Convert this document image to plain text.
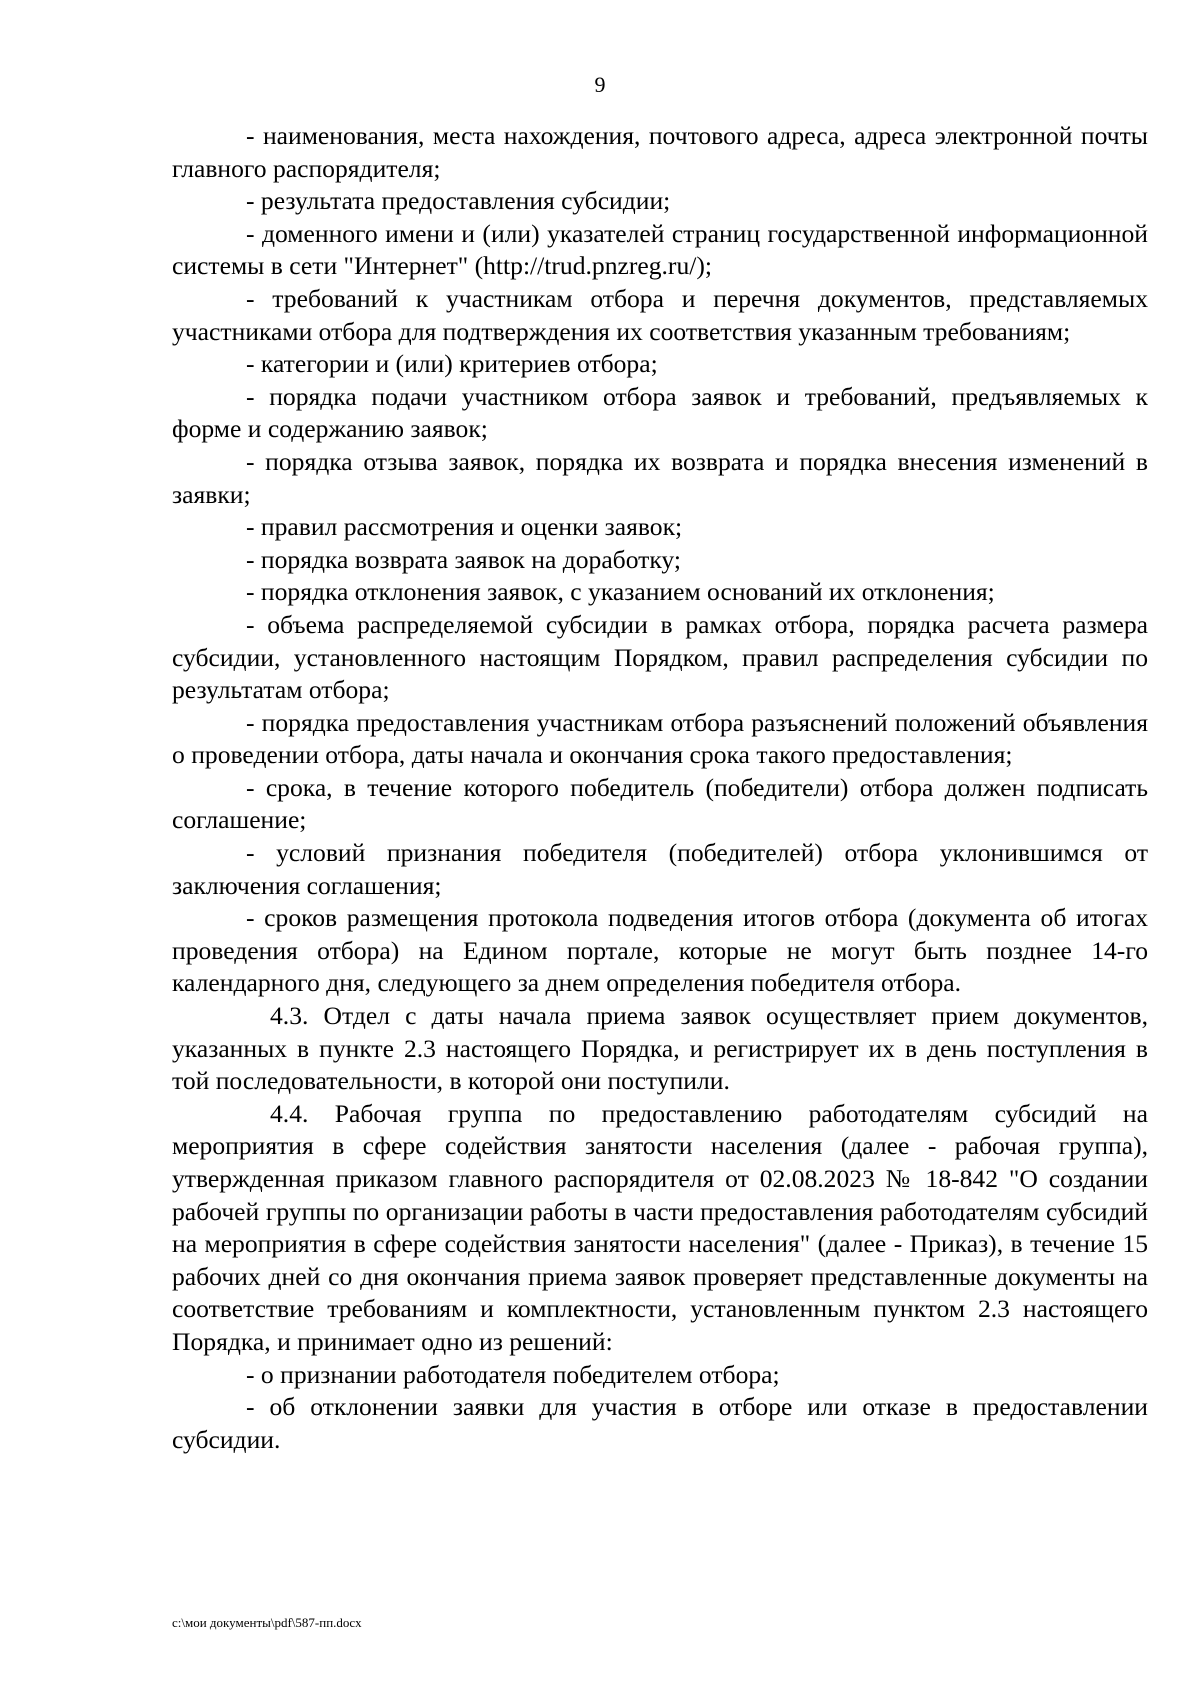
9

- наименования, места нахождения, почтового адреса, адреса электронной почты главного распорядителя;

- результата предоставления субсидии;

- доменного имени и (или) указателей страниц государственной информационной системы в сети "Интернет" (http://trud.pnzreg.ru/);

- требований к участникам отбора и перечня документов, представляемых участниками отбора для подтверждения их соответствия указанным требованиям;

- категории и (или) критериев отбора;

- порядка подачи участником отбора заявок и требований, предъявляемых к форме и содержанию заявок;

- порядка отзыва заявок, порядка их возврата и порядка внесения изменений в заявки;

- правил рассмотрения и оценки заявок;

- порядка возврата заявок на доработку;

- порядка отклонения заявок, с указанием оснований их отклонения;

- объема распределяемой субсидии в рамках отбора, порядка расчета размера субсидии, установленного настоящим Порядком, правил распределения субсидии по результатам отбора;

- порядка предоставления участникам отбора разъяснений положений объявления о проведении отбора, даты начала и окончания срока такого предоставления;

- срока, в течение которого победитель (победители) отбора должен подписать соглашение;

- условий признания победителя (победителей) отбора уклонившимся от заключения соглашения;

- сроков размещения протокола подведения итогов отбора (документа об итогах проведения отбора) на Едином портале, которые не могут быть позднее 14-го календарного дня, следующего за днем определения победителя отбора.

4.3. Отдел с даты начала приема заявок осуществляет прием документов, указанных в пункте 2.3 настоящего Порядка, и регистрирует их в день поступления в той последовательности, в которой они поступили.

4.4. Рабочая группа по предоставлению работодателям субсидий на мероприятия в сфере содействия занятости населения (далее - рабочая группа), утвержденная приказом главного распорядителя от 02.08.2023 № 18-842 "О создании рабочей группы по организации работы в части предоставления работодателям субсидий на мероприятия в сфере содействия занятости населения" (далее - Приказ), в течение 15 рабочих дней со дня окончания приема заявок проверяет представленные документы на соответствие требованиям и комплектности, установленным пунктом 2.3 настоящего Порядка, и принимает одно из решений:

- о признании работодателя победителем отбора;

- об отклонении заявки для участия в отборе или отказе в предоставлении субсидии.

c:\мои документы\pdf\587-пп.docx
